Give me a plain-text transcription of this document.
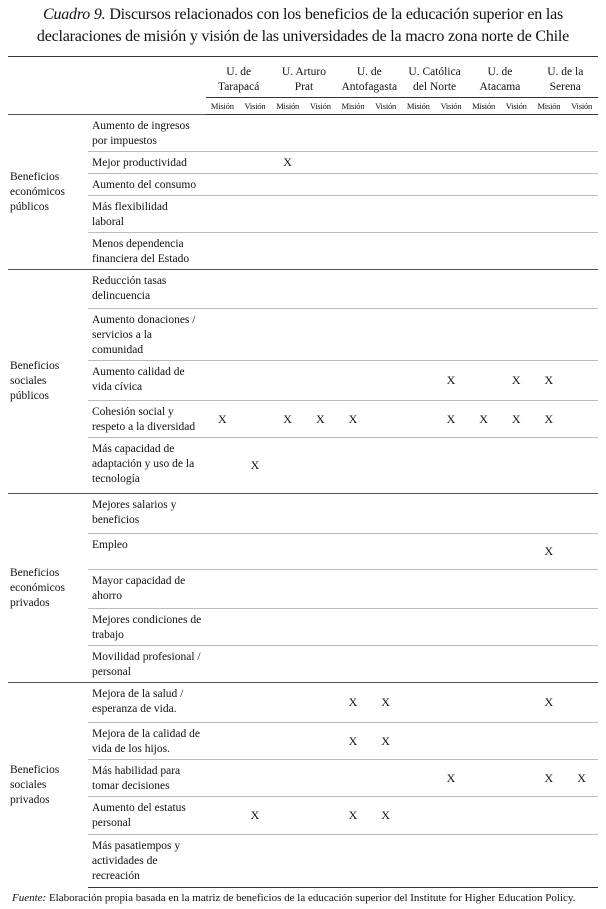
Cuadro 9. Discursos relacionados con los beneficios de la educación superior en las declaraciones de misión y visión de las universidades de la macro zona norte de Chile

		U. de Tarapacá		U. Arturo Prat		U. de Antofagasta		U. Católica del Norte		U. de Atacama		U. de la Serena	
		Misión	Visión	Misión	Visión	Misión	Visión	Misión	Visión	Misión	Visión	Misión	Visión
Beneficios económicos públicos	Aumento de ingresos por impuestos												
	Mejor productividad			X									
	Aumento del consumo												
	Más flexibilidad laboral												
	Menos dependencia financiera del Estado												
Beneficios sociales públicos	Reducción tasas delincuencia												
	Aumento donaciones / servicios a la comunidad												
	Aumento calidad de vida cívica								X		X	X	
	Cohesión social y respeto a la diversidad	X		X	X	X			X	X	X	X	
	Más capacidad de adaptación y uso de la tecnología		X										
Beneficios económicos privados	Mejores salarios y beneficios												
	Empleo											X	
	Mayor capacidad de ahorro												
	Mejores condiciones de trabajo												
	Movilidad profesional / personal												
Beneficios sociales privados	Mejora de la salud / esperanza de vida.					X	X					X	
	Mejora de la calidad de vida de los hijos.					X	X						
	Más habilidad para tomar decisiones								X			X	X
	Aumento del estatus personal		X			X	X						
	Más pasatiempos y actividades de recreación												
Fuente: Elaboración propia basada en la matriz de beneficios de la educación superior del Institute for Higher Education Policy.
